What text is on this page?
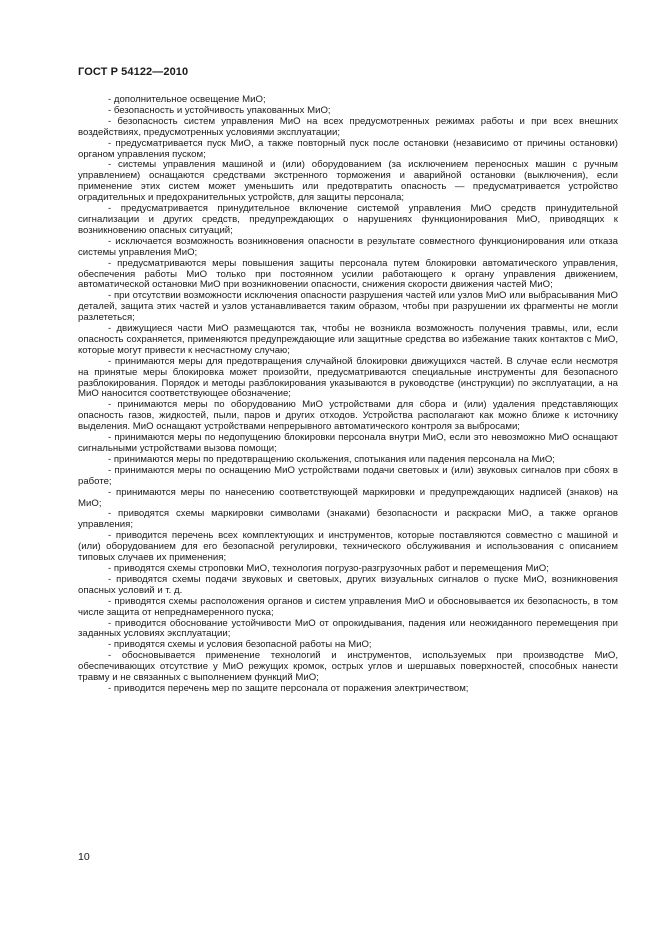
ГОСТ Р 54122—2010

- дополнительное освещение МиО;

- безопасность и устойчивость упакованных МиО;

- безопасность систем управления МиО на всех предусмотренных режимах работы и при всех внешних воздействиях, предусмотренных условиями эксплуатации;

- предусматривается пуск МиО, а также повторный пуск после остановки (независимо от причины остановки) органом управления пуском;

- системы управления машиной и (или) оборудованием (за исключением переносных машин с ручным управлением) оснащаются средствами экстренного торможения и аварийной остановки (выключения), если применение этих систем может уменьшить или предотвратить опасность — предусматривается устройство оградительных и предохранительных устройств, для защиты персонала;

- предусматривается принудительное включение системой управления МиО средств принудительной сигнализации и других средств, предупреждающих о нарушениях функционирования МиО, приводящих к возникновению опасных ситуаций;

- исключается возможность возникновения опасности в результате совместного функционирования или отказа системы управления МиО;

- предусматриваются меры повышения защиты персонала путем блокировки автоматического управления, обеспечения работы МиО только при постоянном усилии работающего к органу управления движением, автоматической остановки МиО при возникновении опасности, снижения скорости движения частей МиО;

- при отсутствии возможности исключения опасности разрушения частей или узлов МиО или выбрасывания МиО деталей, защита этих частей и узлов устанавливается таким образом, чтобы при разрушении их фрагменты не могли разлететься;

- движущиеся части МиО размещаются так, чтобы не возникла возможность получения травмы, или, если опасность сохраняется, применяются предупреждающие или защитные средства во избежание таких контактов с МиО, которые могут привести к несчастному случаю;

- принимаются меры для предотвращения случайной блокировки движущихся частей. В случае если несмотря на принятые меры блокировка может произойти, предусматриваются специальные инструменты для безопасного разблокирования. Порядок и методы разблокирования указываются в руководстве (инструкции) по эксплуатации, а на МиО наносится соответствующее обозначение;

- принимаются меры по оборудованию МиО устройствами для сбора и (или) удаления представляющих опасность газов, жидкостей, пыли, паров и других отходов. Устройства располагают как можно ближе к источнику выделения. МиО оснащают устройствами непрерывного автоматического контроля за выбросами;

- принимаются меры по недопущению блокировки персонала внутри МиО, если это невозможно МиО оснащают сигнальными устройствами вызова помощи;

- принимаются меры по предотвращению скольжения, спотыкания или падения персонала на МиО;

- принимаются меры по оснащению МиО устройствами подачи световых и (или) звуковых сигналов при сбоях в работе;

- принимаются меры по нанесению соответствующей маркировки и предупреждающих надписей (знаков) на МиО;

- приводятся схемы маркировки символами (знаками) безопасности и раскраски МиО, а также органов управления;

- приводится перечень всех комплектующих и инструментов, которые поставляются совместно с машиной и (или) оборудованием для его безопасной регулировки, технического обслуживания и использования с описанием типовых случаев их применения;

- приводятся схемы строповки МиО, технология погрузо-разгрузочных работ и перемещения МиО;

- приводятся схемы подачи звуковых и световых, других визуальных сигналов о пуске МиО, возникновения опасных условий и т. д.

- приводятся схемы расположения органов и систем управления МиО и обосновывается их безопасность, в том числе защита от непреднамеренного пуска;

- приводится обоснование устойчивости МиО от опрокидывания, падения или неожиданного перемещения при заданных условиях эксплуатации;

- приводятся схемы и условия безопасной работы на МиО;

- обосновывается применение технологий и инструментов, используемых при производстве МиО, обеспечивающих отсутствие у МиО режущих кромок, острых углов и шершавых поверхностей, способных нанести травму и не связанных с выполнением функций МиО;

- приводится перечень мер по защите персонала от поражения электричеством;

10
